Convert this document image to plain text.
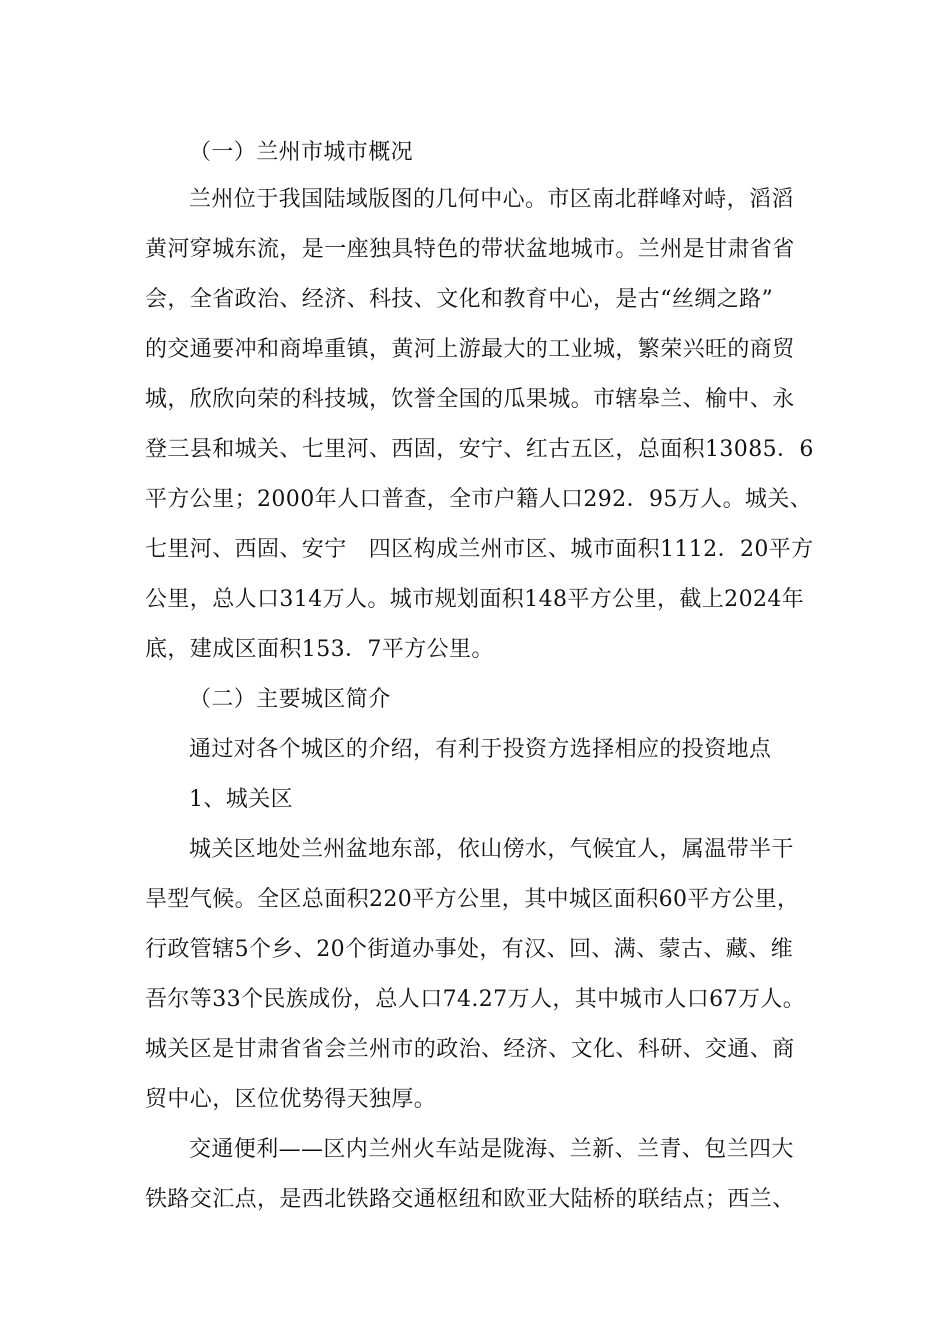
（一）兰州市城市概况
兰州位于我国陆域版图的几何中心。市区南北群峰对峙，滔滔
黄河穿城东流，是一座独具特色的带状盆地城市。兰州是甘肃省省
会，全省政治、经济、科技、文化和教育中心，是古“丝绸之路”
的交通要冲和商埠重镇，黄河上游最大的工业城，繁荣兴旺的商贸
城，欣欣向荣的科技城，饮誉全国的瓜果城。市辖皋兰、榆中、永
登三县和城关、七里河、西固，安宁、红古五区，总面积13085．6
平方公里；2000年人口普查，全市户籍人口292．95万人。城关、
七里河、西固、安宁   四区构成兰州市区、城市面积1112．20平方
公里，总人口314万人。城市规划面积148平方公里，截上2024年
底，建成区面积153．7平方公里。
（二）主要城区简介
通过对各个城区的介绍，有利于投资方选择相应的投资地点
1、城关区
城关区地处兰州盆地东部，依山傍水，气候宜人，属温带半干
旱型气候。全区总面积220平方公里，其中城区面积60平方公里，
行政管辖5个乡、20个街道办事处，有汉、回、满、蒙古、藏、维
吾尔等33个民族成份，总人口74.27万人，其中城市人口67万人。
城关区是甘肃省省会兰州市的政治、经济、文化、科研、交通、商
贸中心，区位优势得天独厚。
交通便利——区内兰州火车站是陇海、兰新、兰青、包兰四大
铁路交汇点，是西北铁路交通枢纽和欧亚大陆桥的联结点；西兰、
